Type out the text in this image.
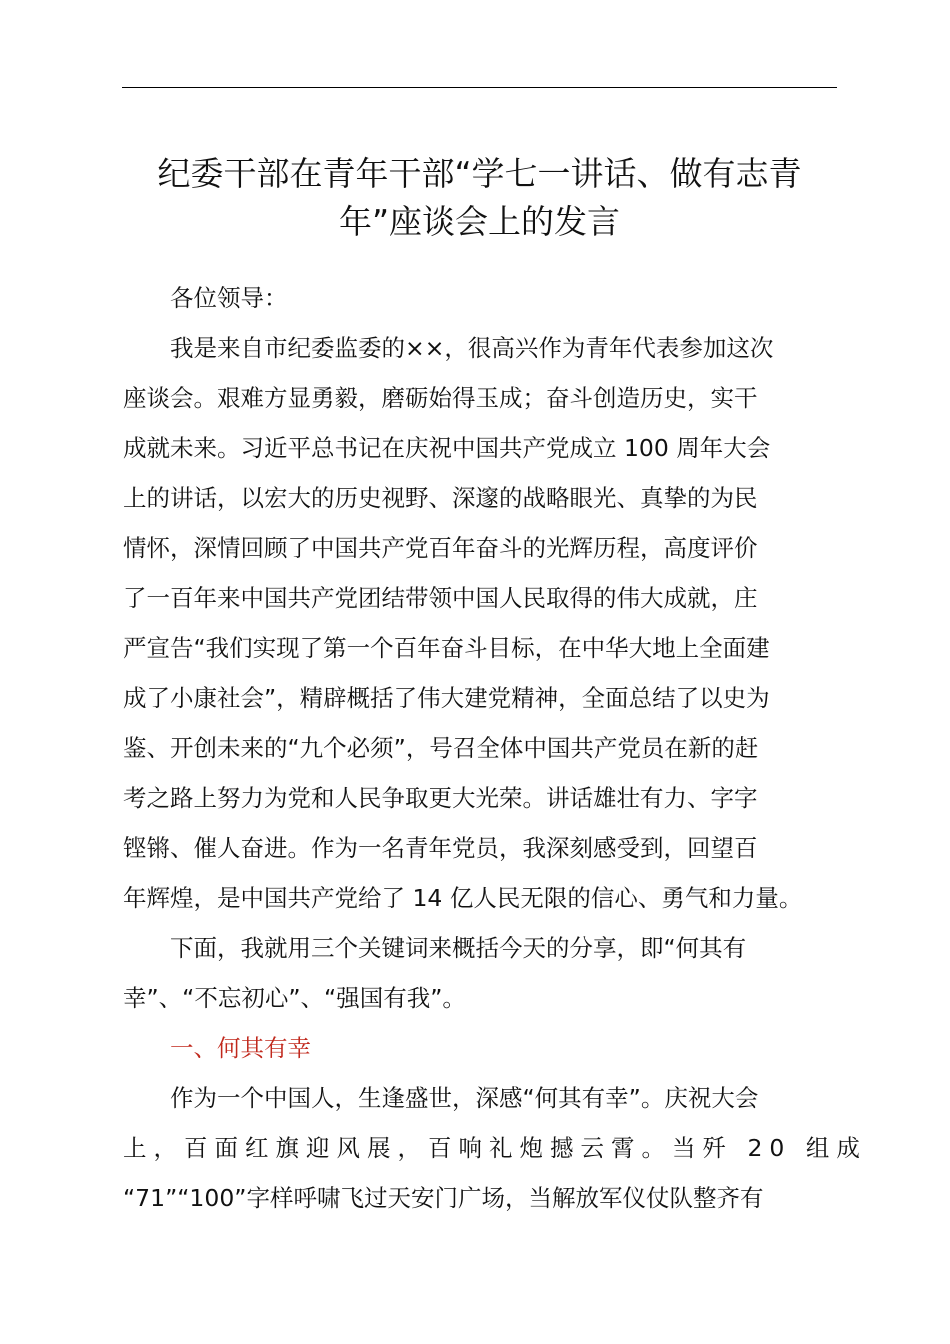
纪委干部在青年干部“学七一讲话、做有志青
年”座谈会上的发言

各位领导：

我是来自市纪委监委的××，很高兴作为青年代表参加这次
座谈会。艰难方显勇毅，磨砺始得玉成；奋斗创造历史，实干
成就未来。习近平总书记在庆祝中国共产党成立 100 周年大会
上的讲话，以宏大的历史视野、深邃的战略眼光、真挚的为民
情怀，深情回顾了中国共产党百年奋斗的光辉历程，高度评价
了一百年来中国共产党团结带领中国人民取得的伟大成就，庄
严宣告“我们实现了第一个百年奋斗目标，在中华大地上全面建
成了小康社会”，精辟概括了伟大建党精神，全面总结了以史为
鉴、开创未来的“九个必须”，号召全体中国共产党员在新的赶
考之路上努力为党和人民争取更大光荣。讲话雄壮有力、字字
铿锵、催人奋进。作为一名青年党员，我深刻感受到，回望百
年辉煌，是中国共产党给了 14 亿人民无限的信心、勇气和力量。
下面，我就用三个关键词来概括今天的分享，即“何其有
幸”、“不忘初心”、“强国有我”。

一、何其有幸

作为一个中国人，生逢盛世，深感“何其有幸”。庆祝大会
上，百面红旗迎风展，百响礼炮撼云霄。当歼 20 组成
“71”“100”字样呼啸飞过天安门广场，当解放军仪仗队整齐有
